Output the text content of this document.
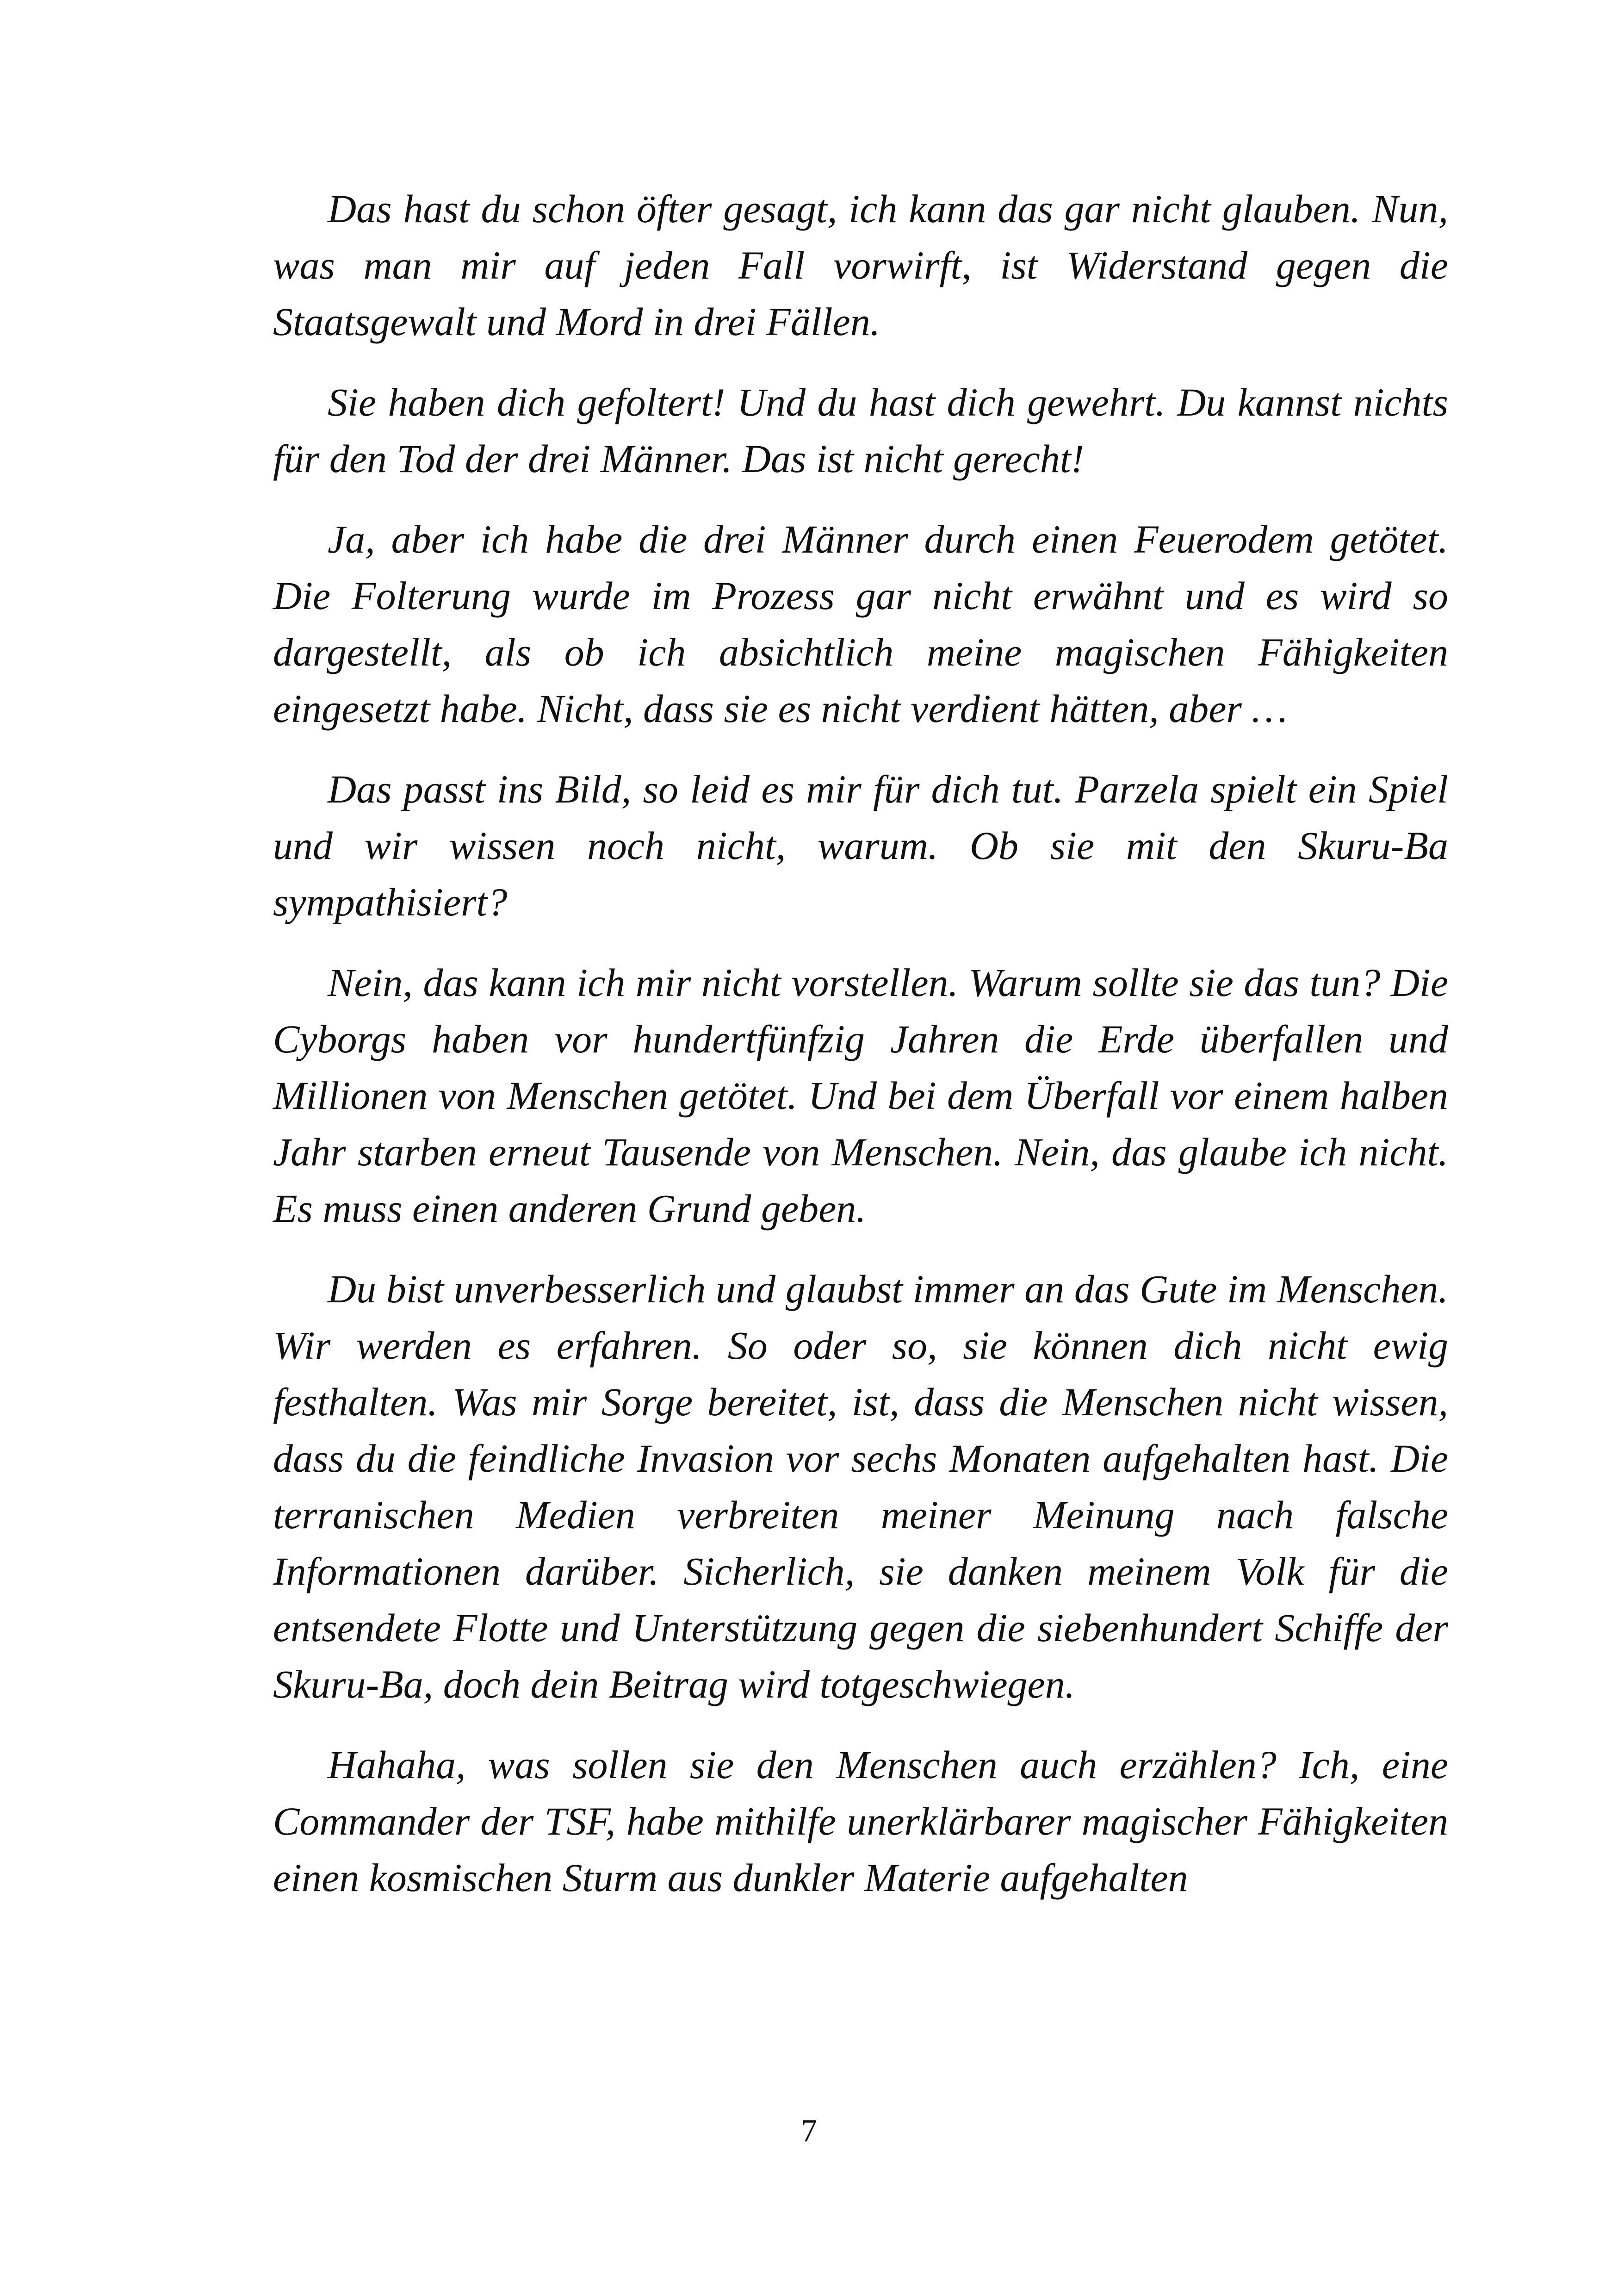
Das hast du schon öfter gesagt, ich kann das gar nicht glauben. Nun, was man mir auf jeden Fall vorwirft, ist Widerstand gegen die Staatsgewalt und Mord in drei Fällen.

Sie haben dich gefoltert! Und du hast dich gewehrt. Du kannst nichts für den Tod der drei Männer. Das ist nicht gerecht!

Ja, aber ich habe die drei Männer durch einen Feuerodem getötet. Die Folterung wurde im Prozess gar nicht erwähnt und es wird so dargestellt, als ob ich absichtlich meine magischen Fähigkeiten eingesetzt habe. Nicht, dass sie es nicht verdient hätten, aber …

Das passt ins Bild, so leid es mir für dich tut. Parzela spielt ein Spiel und wir wissen noch nicht, warum. Ob sie mit den Skuru-Ba sympathisiert?

Nein, das kann ich mir nicht vorstellen. Warum sollte sie das tun? Die Cyborgs haben vor hundertfünfzig Jahren die Erde überfallen und Millionen von Menschen getötet. Und bei dem Überfall vor einem halben Jahr starben erneut Tausende von Menschen. Nein, das glaube ich nicht. Es muss einen anderen Grund geben.

Du bist unverbesserlich und glaubst immer an das Gute im Menschen. Wir werden es erfahren. So oder so, sie können dich nicht ewig festhalten. Was mir Sorge bereitet, ist, dass die Menschen nicht wissen, dass du die feindliche Invasion vor sechs Monaten aufgehalten hast. Die terranischen Medien verbreiten meiner Meinung nach falsche Informationen darüber. Sicherlich, sie danken meinem Volk für die entsendete Flotte und Unterstützung gegen die siebenhundert Schiffe der Skuru-Ba, doch dein Beitrag wird totgeschwiegen.

Hahaha, was sollen sie den Menschen auch erzählen? Ich, eine Commander der TSF, habe mithilfe unerklärbarer magischer Fähigkeiten einen kosmischen Sturm aus dunkler Materie aufgehalten

7
